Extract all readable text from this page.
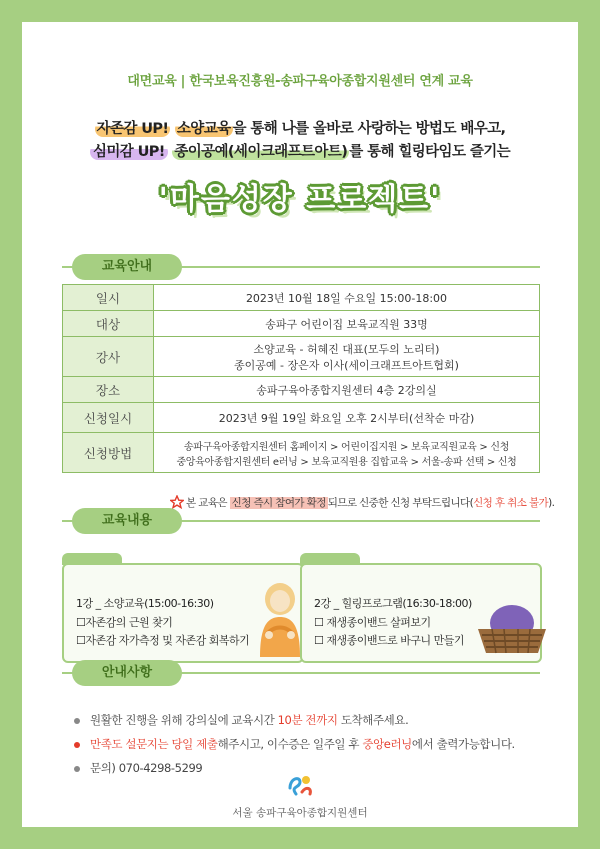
대면교육 | 한국보육진흥원-송파구육아종합지원센터 연계 교육
자존감 UP! 소양교육 을 통해 나를 올바로 사랑하는 방법도 배우고,
심미감 UP! 종이공예(세이크래프트아트) 를 통해 힐링타임도 즐기는
'마음성장 프로젝트'
교육안내
일시	2023년 10월 18일 수요일 15:00-18:00
대상	송파구 어린이집 보육교직원 33명
강사	소양교육 - 허혜진 대표(모두의 노리터)
종이공예 - 장은자 이사(세이크래프트아트협회)

장소	송파구육아종합지원센터 4층 2강의실
신청일시	2023년 9월 19일 화요일 오후 2시부터(선착순 마감)
신청방법	송파구육아종합지원센터 홈페이지 > 어린이집지원 > 보육교직원교육 > 신청
중앙육아종합지원센터 e러닝 > 보육교직원용 집합교육 > 서울-송파 선택 > 신청
본 교육은 신청 즉시 참여가 확정 되므로 신중한 신청 부탁드립니다(신청 후 취소 불가).
교육내용
1강 _ 소양교육(15:00-16:30)
☐자존감의 근원 찾기
☐자존감 자가측정 및 자존감 회복하기
2강 _ 힐링프로그램(16:30-18:00)
☐ 재생종이밴드 살펴보기
☐ 재생종이밴드로 바구니 만들기
안내사항
원활한 진행을 위해 강의실에 교육시간 10분 전까지 도착해주세요.
만족도 설문지는 당일 제출해주시고, 이수증은 일주일 후 중앙e러닝에서 출력가능합니다.
문의) 070-4298-5299
서울 송파구육아종합지원센터
